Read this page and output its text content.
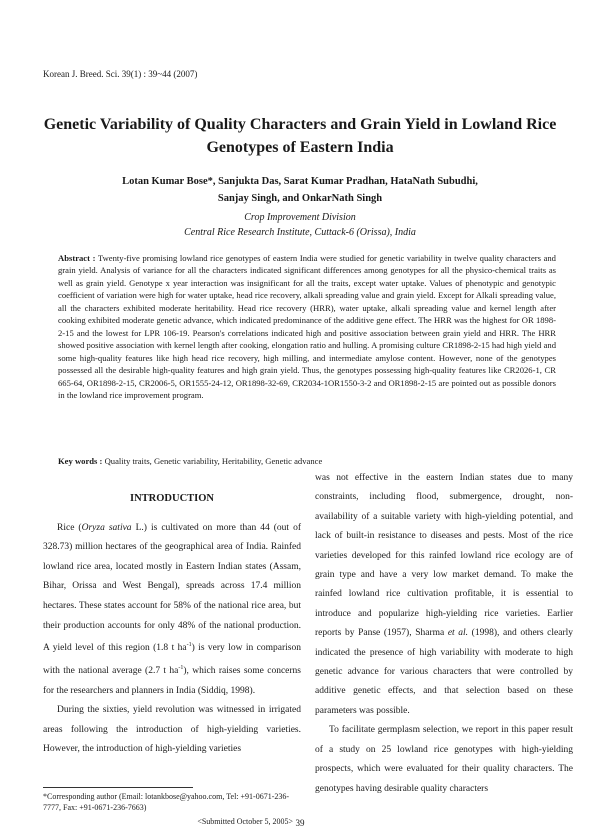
Korean J. Breed. Sci. 39(1) : 39~44 (2007)
Genetic Variability of Quality Characters and Grain Yield in Lowland Rice Genotypes of Eastern India
Lotan Kumar Bose*, Sanjukta Das, Sarat Kumar Pradhan, HataNath Subudhi,
Sanjay Singh, and OnkarNath Singh
Crop Improvement Division
Central Rice Research Institute, Cuttack-6 (Orissa), India
Abstract : Twenty-five promising lowland rice genotypes of eastern India were studied for genetic variability in twelve quality characters and grain yield. Analysis of variance for all the characters indicated significant differences among genotypes for all the physico-chemical traits as well as grain yield. Genotype x year interaction was insignificant for all the traits, except water uptake. Values of phenotypic and genotypic coefficient of variation were high for water uptake, head rice recovery, alkali spreading value and grain yield. Except for Alkali spreading value, all the characters exhibited moderate heritability. Head rice recovery (HRR), water uptake, alkali spreading value and kernel length after cooking exhibited moderate genetic advance, which indicated predominance of the additive gene effect. The HRR was the highest for OR 1898-2-15 and the lowest for LPR 106-19. Pearson's correlations indicated high and positive association between grain yield and HRR. The HRR showed positive association with kernel length after cooking, elongation ratio and hulling. A promising culture CR1898-2-15 had high yield and some high-quality features like high head rice recovery, high milling, and intermediate amylose content. However, none of the genotypes possessed all the desirable high-quality features and high grain yield. Thus, the genotypes possessing high-quality features like CR2026-1, CR 665-64, OR1898-2-15, CR2006-5, OR1555-24-12, OR1898-32-69, CR2034-1OR1550-3-2 and OR1898-2-15 are pointed out as possible donors in the lowland rice improvement program.
Key words : Quality traits, Genetic variability, Heritability, Genetic advance
INTRODUCTION

Rice (Oryza sativa L.) is cultivated on more than 44 (out of 328.73) million hectares of the geographical area of India. Rainfed lowland rice area, located mostly in Eastern Indian states (Assam, Bihar, Orissa and West Bengal), spreads across 17.4 million hectares. These states account for 58% of the national rice area, but their production accounts for only 48% of the national production. A yield level of this region (1.8 t $ha^{-1}$) is very low in comparison with the national average (2.7 t $ha^{-1}$), which raises some concerns for the researchers and planners in India (Siddiq, 1998).

During the sixties, yield revolution was witnessed in irrigated areas following the introduction of high-yielding varieties. However, the introduction of high-yielding varieties

was not effective in the eastern Indian states due to many constraints, including flood, submergence, drought, non-availability of a suitable variety with high-yielding potential, and lack of built-in resistance to diseases and pests. Most of the rice varieties developed for this rainfed lowland rice ecology are of grain type and have a very low market demand. To make the rainfed lowland rice cultivation profitable, it is essential to introduce and popularize high-yielding rice varieties. Earlier reports by Panse (1957), Sharma et al. (1998), and others clearly indicated the presence of high variability with moderate to high genetic advance for various characters that were controlled by additive genetic effects, and that selection based on these parameters was possible.

To facilitate germplasm selection, we report in this paper result of a study on 25 lowland rice genotypes with high-yielding prospects, which were evaluated for their quality characters. The genotypes having desirable quality characters

*Corresponding author (Email: lotankbose@yahoo.com, Tel: +91-0671-236-7777, Fax: +91-0671-236-7663)
<Submitted October 5, 2005> 39
